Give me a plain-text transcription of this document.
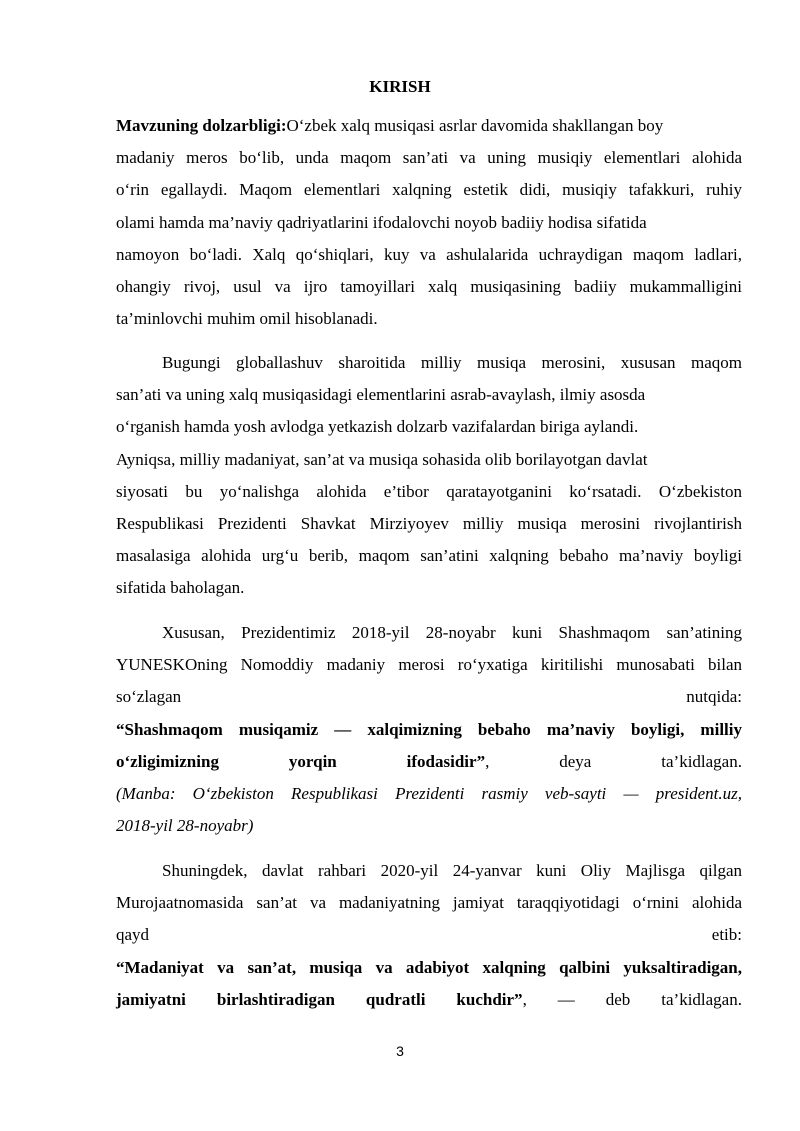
KIRISH
Mavzuning dolzarbligi:O‘zbek xalq musiqasi asrlar davomida shakllangan boy
madaniy meros bo‘lib, unda maqom san’ati va uning musiqiy elementlari alohida
o‘rin egallaydi. Maqom elementlari xalqning estetik didi, musiqiy tafakkuri, ruhiy
olami hamda ma’naviy qadriyatlarini ifodalovchi noyob badiiy hodisa sifatida
namoyon bo‘ladi. Xalq qo‘shiqlari, kuy va ashulalarida uchraydigan maqom ladlari,
ohangiy rivoj, usul va ijro tamoyillari xalq musiqasining badiiy mukammalligini
ta’minlovchi muhim omil hisoblanadi.
Bugungi globallashuv sharoitida milliy musiqa merosini, xususan maqom
san’ati va uning xalq musiqasidagi elementlarini asrab-avaylash, ilmiy asosda
o‘rganish hamda yosh avlodga yetkazish dolzarb vazifalardan biriga aylandi.
Ayniqsa, milliy madaniyat, san’at va musiqa sohasida olib borilayotgan davlat
siyosati bu yo‘nalishga alohida e’tibor qaratayotganini ko‘rsatadi. O‘zbekiston
Respublikasi Prezidenti Shavkat Mirziyoyev milliy musiqa merosini rivojlantirish
masalasiga alohida urg‘u berib, maqom san’atini xalqning bebaho ma’naviy boyligi
sifatida baholagan.
Xususan, Prezidentimiz 2018-yil 28-noyabr kuni Shashmaqom san’atining
YUNESKOning Nomoddiy madaniy merosi ro‘yxatiga kiritilishi munosabati bilan
so‘zlagan	nutqida:
“Shashmaqom musiqamiz — xalqimizning bebaho ma’naviy boyligi, milliy
o‘zligimizning	yorqin	ifodasidir”,	deya	ta’kidlagan.
(Manba: O‘zbekiston Respublikasi Prezidenti rasmiy veb-sayti — president.uz,
2018-yil 28-noyabr)
Shuningdek, davlat rahbari 2020-yil 24-yanvar kuni Oliy Majlisga qilgan
Murojaatnomasida san’at va madaniyatning jamiyat taraqqiyotidagi o‘rnini alohida
qayd	etib:
“Madaniyat va san’at, musiqa va adabiyot xalqning qalbini yuksaltiradigan,
jamiyatni birlashtiradigan qudratli kuchdir”, — deb ta’kidlagan.
3
